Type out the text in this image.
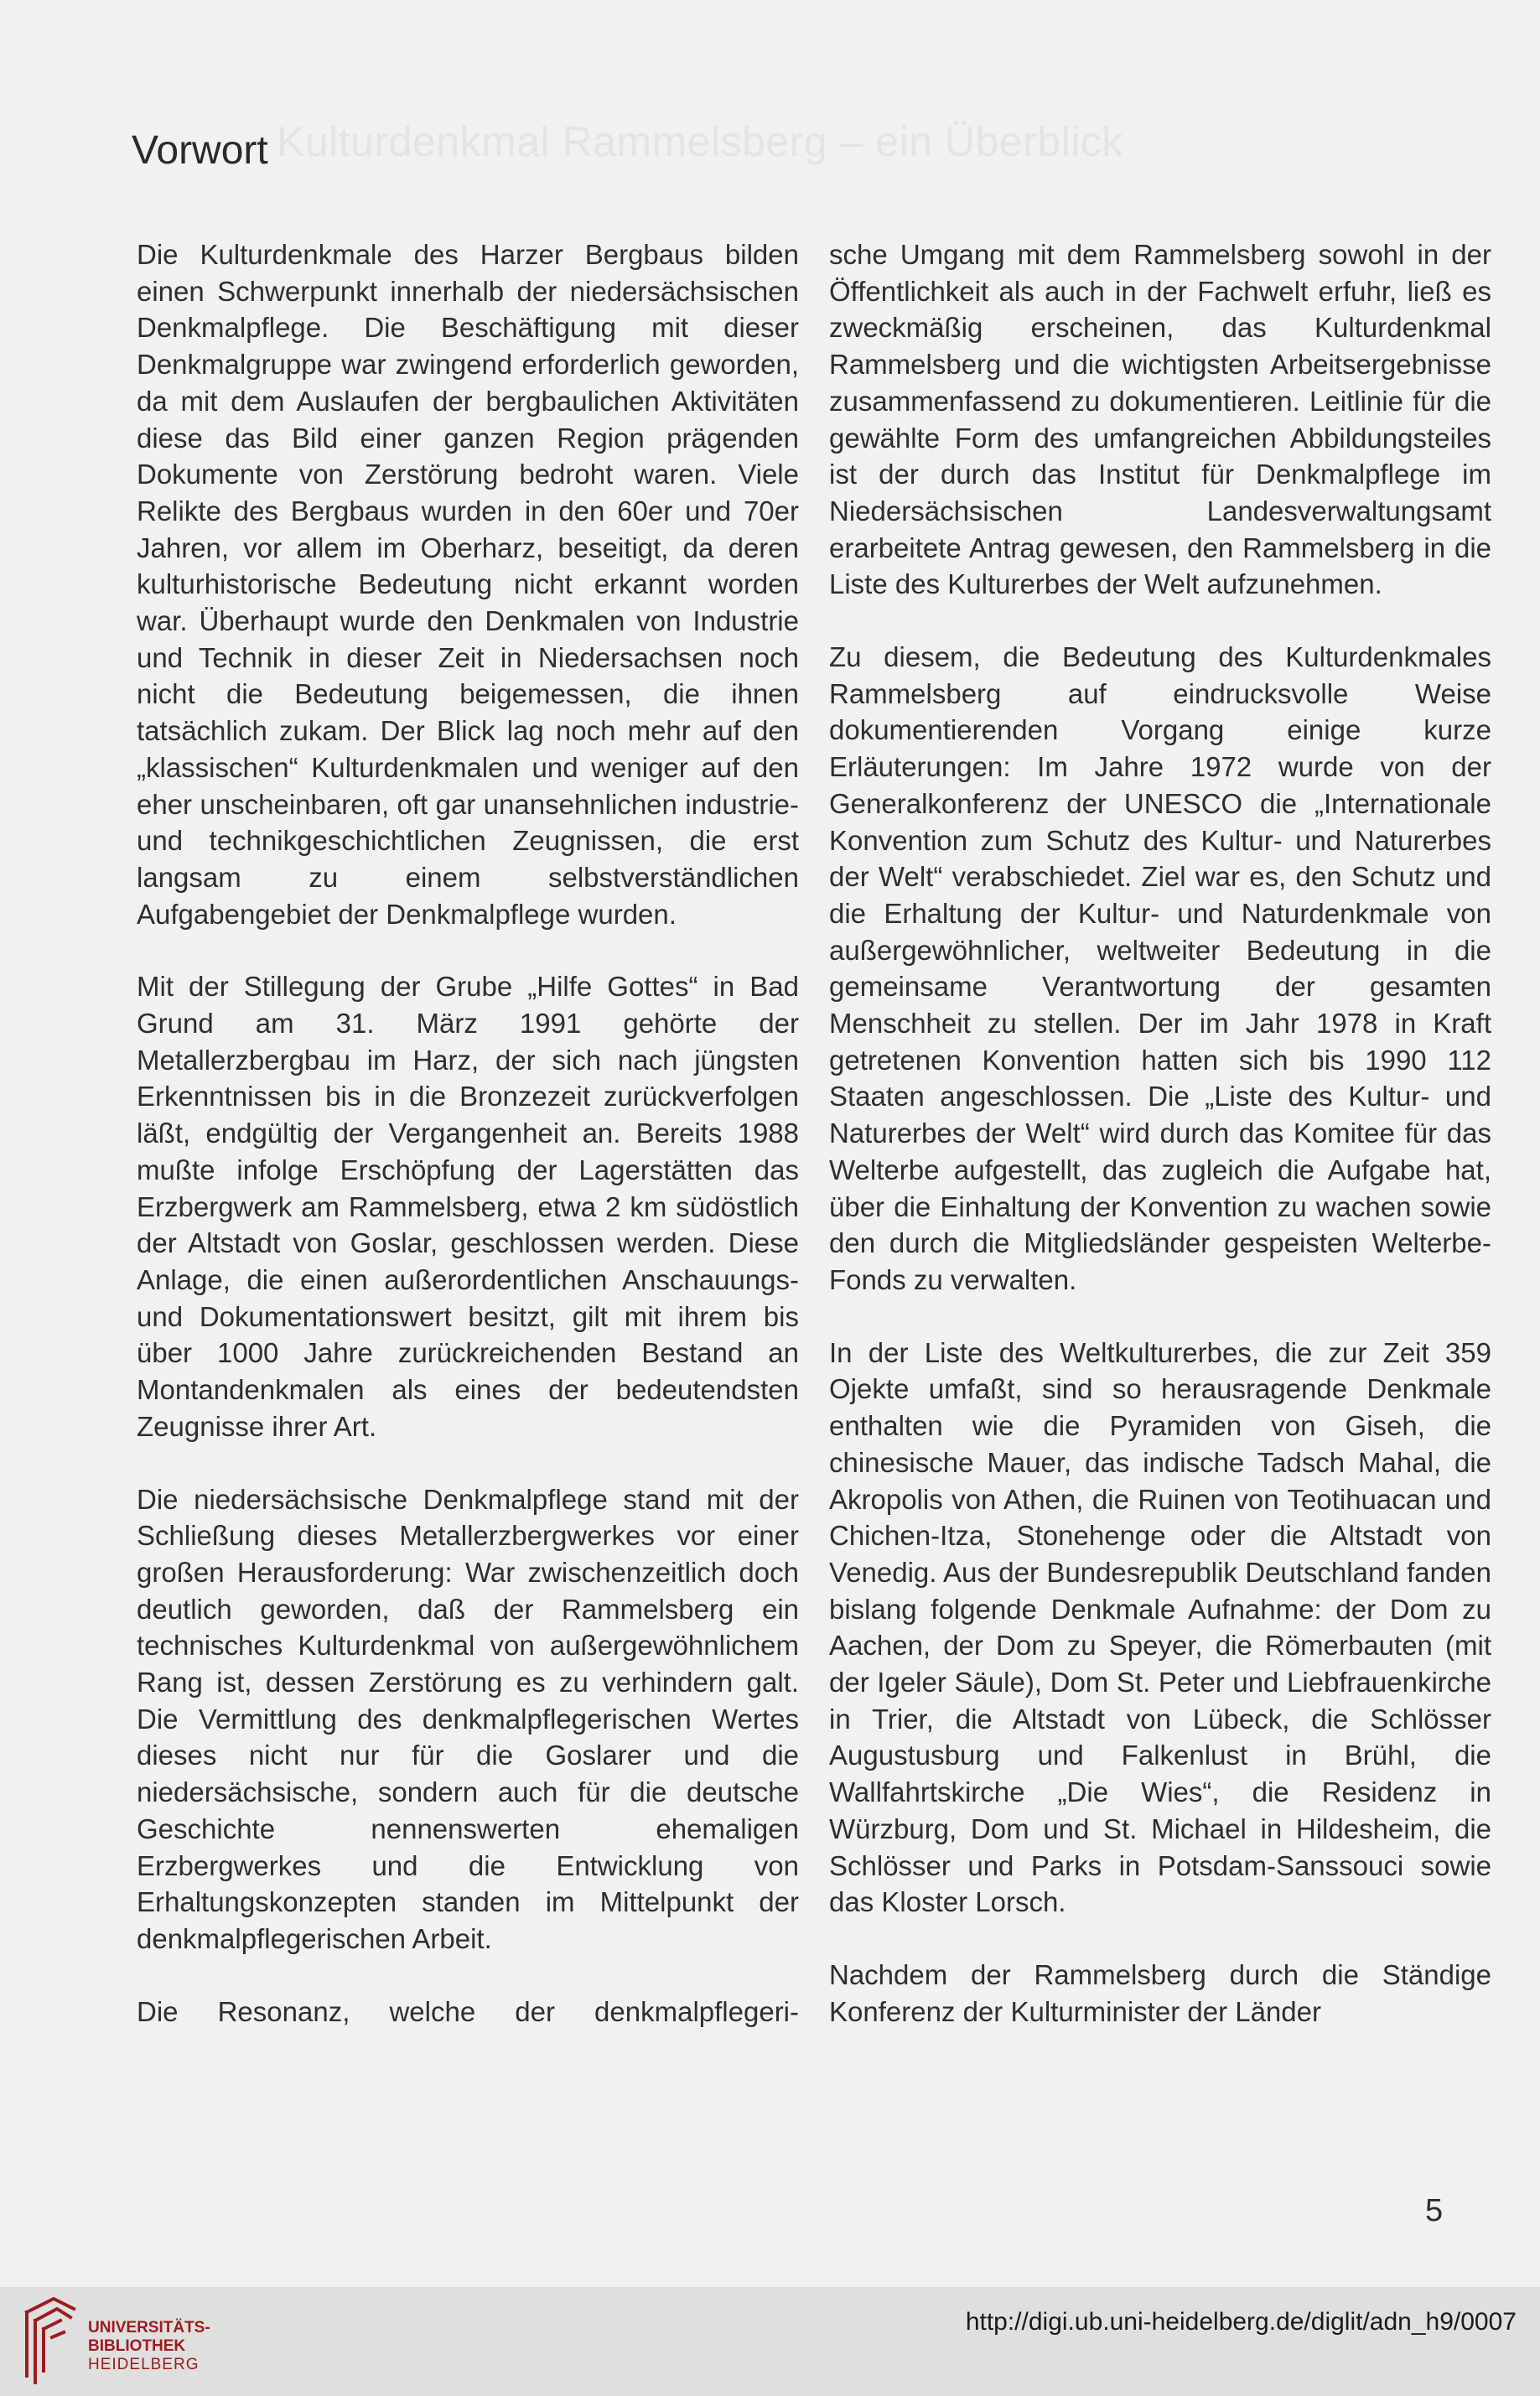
Kulturdenkmal Rammelsberg – ein Überblick
Vorwort

Die Kulturdenkmale des Harzer Bergbaus bilden einen Schwerpunkt innerhalb der niedersächsischen Denkmalpflege. Die Beschäftigung mit dieser Denkmalgruppe war zwingend erforderlich geworden, da mit dem Auslaufen der bergbaulichen Aktivitäten diese das Bild einer ganzen Region prägenden Dokumente von Zerstörung bedroht waren. Viele Relikte des Bergbaus wurden in den 60er und 70er Jahren, vor allem im Oberharz, beseitigt, da deren kulturhistorische Bedeutung nicht erkannt worden war. Überhaupt wurde den Denkmalen von Industrie und Technik in dieser Zeit in Niedersachsen noch nicht die Bedeutung beigemessen, die ihnen tatsächlich zukam. Der Blick lag noch mehr auf den „klassischen“ Kulturdenkmalen und weniger auf den eher unscheinbaren, oft gar unansehnlichen industrie- und technikgeschichtlichen Zeugnissen, die erst langsam zu einem selbstverständlichen Aufgabengebiet der Denkmalpflege wurden.

Mit der Stillegung der Grube „Hilfe Gottes“ in Bad Grund am 31. März 1991 gehörte der Metallerzbergbau im Harz, der sich nach jüngsten Erkenntnissen bis in die Bronzezeit zurückverfolgen läßt, endgültig der Vergangenheit an. Bereits 1988 mußte infolge Erschöpfung der Lagerstätten das Erzbergwerk am Rammelsberg, etwa 2 km südöstlich der Altstadt von Goslar, geschlossen werden. Diese Anlage, die einen außerordentlichen Anschauungs- und Dokumentationswert besitzt, gilt mit ihrem bis über 1000 Jahre zurückreichenden Bestand an Montandenkmalen als eines der bedeutendsten Zeugnisse ihrer Art.

Die niedersächsische Denkmalpflege stand mit der Schließung dieses Metallerzbergwerkes vor einer großen Herausforderung: War zwischenzeitlich doch deutlich geworden, daß der Rammelsberg ein technisches Kulturdenkmal von außergewöhnlichem Rang ist, dessen Zerstörung es zu verhindern galt. Die Vermittlung des denkmalpflegerischen Wertes dieses nicht nur für die Goslarer und die niedersächsische, sondern auch für die deutsche Geschichte nennenswerten ehemaligen Erzbergwerkes und die Entwicklung von Erhaltungskonzepten standen im Mittelpunkt der denkmalpflegerischen Arbeit.

Die Resonanz, welche der denkmalpflegeri-

sche Umgang mit dem Rammelsberg sowohl in der Öffentlichkeit als auch in der Fachwelt erfuhr, ließ es zweckmäßig erscheinen, das Kulturdenkmal Rammelsberg und die wichtigsten Arbeitsergebnisse zusammenfassend zu dokumentieren. Leitlinie für die gewählte Form des umfangreichen Abbildungsteiles ist der durch das Institut für Denkmalpflege im Niedersächsischen Landesverwaltungsamt erarbeitete Antrag gewesen, den Rammelsberg in die Liste des Kulturerbes der Welt aufzunehmen.

Zu diesem, die Bedeutung des Kulturdenkmales Rammelsberg auf eindrucksvolle Weise dokumentierenden Vorgang einige kurze Erläuterungen: Im Jahre 1972 wurde von der Generalkonferenz der UNESCO die „Internationale Konvention zum Schutz des Kultur- und Naturerbes der Welt“ verabschiedet. Ziel war es, den Schutz und die Erhaltung der Kultur- und Naturdenkmale von außergewöhnlicher, weltweiter Bedeutung in die gemeinsame Verantwortung der gesamten Menschheit zu stellen. Der im Jahr 1978 in Kraft getretenen Konvention hatten sich bis 1990 112 Staaten angeschlossen. Die „Liste des Kultur- und Naturerbes der Welt“ wird durch das Komitee für das Welterbe aufgestellt, das zugleich die Aufgabe hat, über die Einhaltung der Konvention zu wachen sowie den durch die Mitgliedsländer gespeisten Welterbe-Fonds zu verwalten.

In der Liste des Weltkulturerbes, die zur Zeit 359 Ojekte umfaßt, sind so herausragende Denkmale enthalten wie die Pyramiden von Giseh, die chinesische Mauer, das indische Tadsch Mahal, die Akropolis von Athen, die Ruinen von Teotihuacan und Chichen-Itza, Stonehenge oder die Altstadt von Venedig. Aus der Bundesrepublik Deutschland fanden bislang folgende Denkmale Aufnahme: der Dom zu Aachen, der Dom zu Speyer, die Römerbauten (mit der Igeler Säule), Dom St. Peter und Liebfrauenkirche in Trier, die Altstadt von Lübeck, die Schlösser Augustusburg und Falkenlust in Brühl, die Wallfahrtskirche „Die Wies“, die Residenz in Würzburg, Dom und St. Michael in Hildesheim, die Schlösser und Parks in Potsdam-Sanssouci sowie das Kloster Lorsch.

Nachdem der Rammelsberg durch die Ständige Konferenz der Kulturminister der Länder

5
UNIVERSITÄTS-
BIBLIOTHEK
HEIDELBERG
http://digi.ub.uni-heidelberg.de/diglit/adn_h9/0007
